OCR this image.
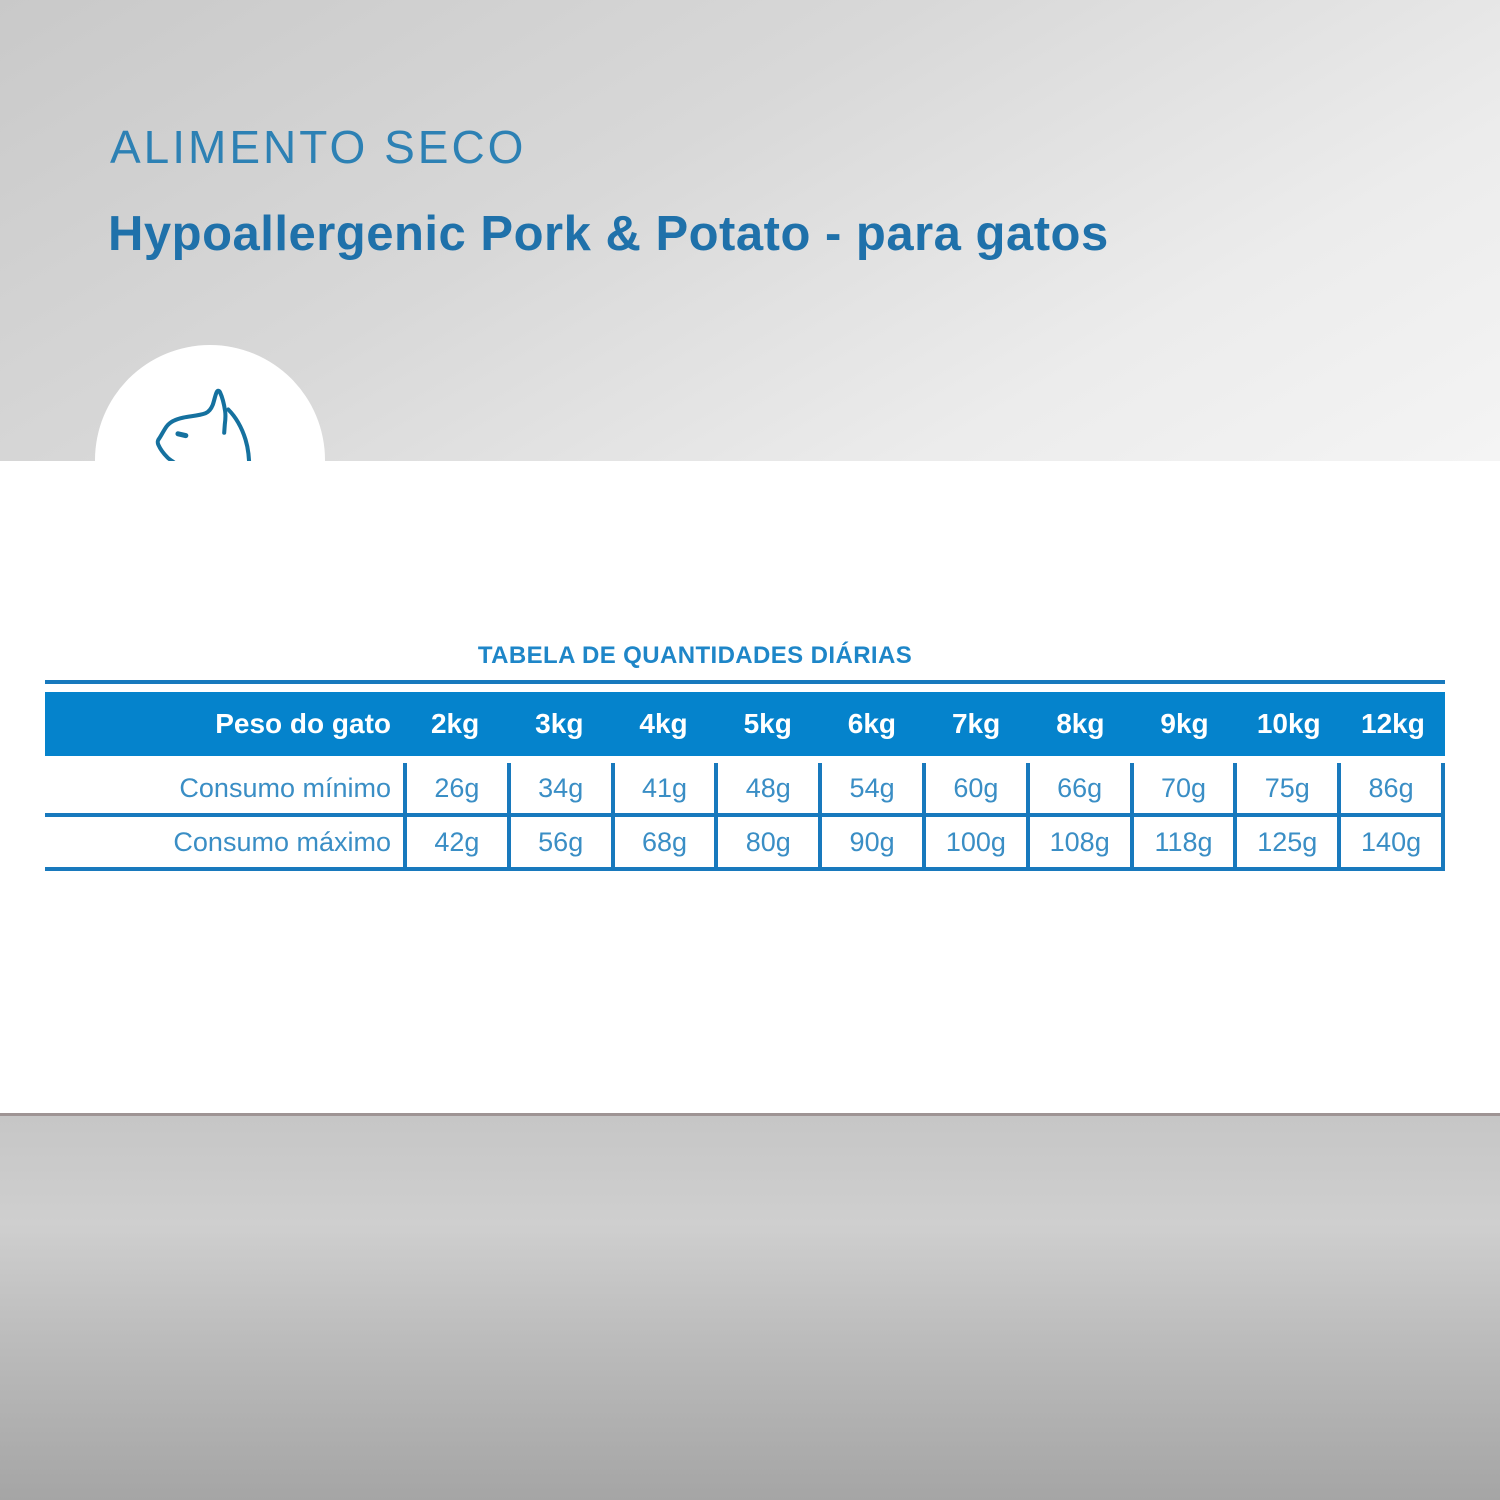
ALIMENTO SECO
Hypoallergenic Pork & Potato - para gatos
TABELA DE QUANTIDADES DIÁRIAS
Peso do gato	2kg	3kg	4kg	5kg	6kg	7kg	8kg	9kg	10kg	12kg
Consumo mínimo	26g	34g	41g	48g	54g	60g	66g	70g	75g	86g
Consumo máximo	42g	56g	68g	80g	90g	100g	108g	118g	125g	140g
